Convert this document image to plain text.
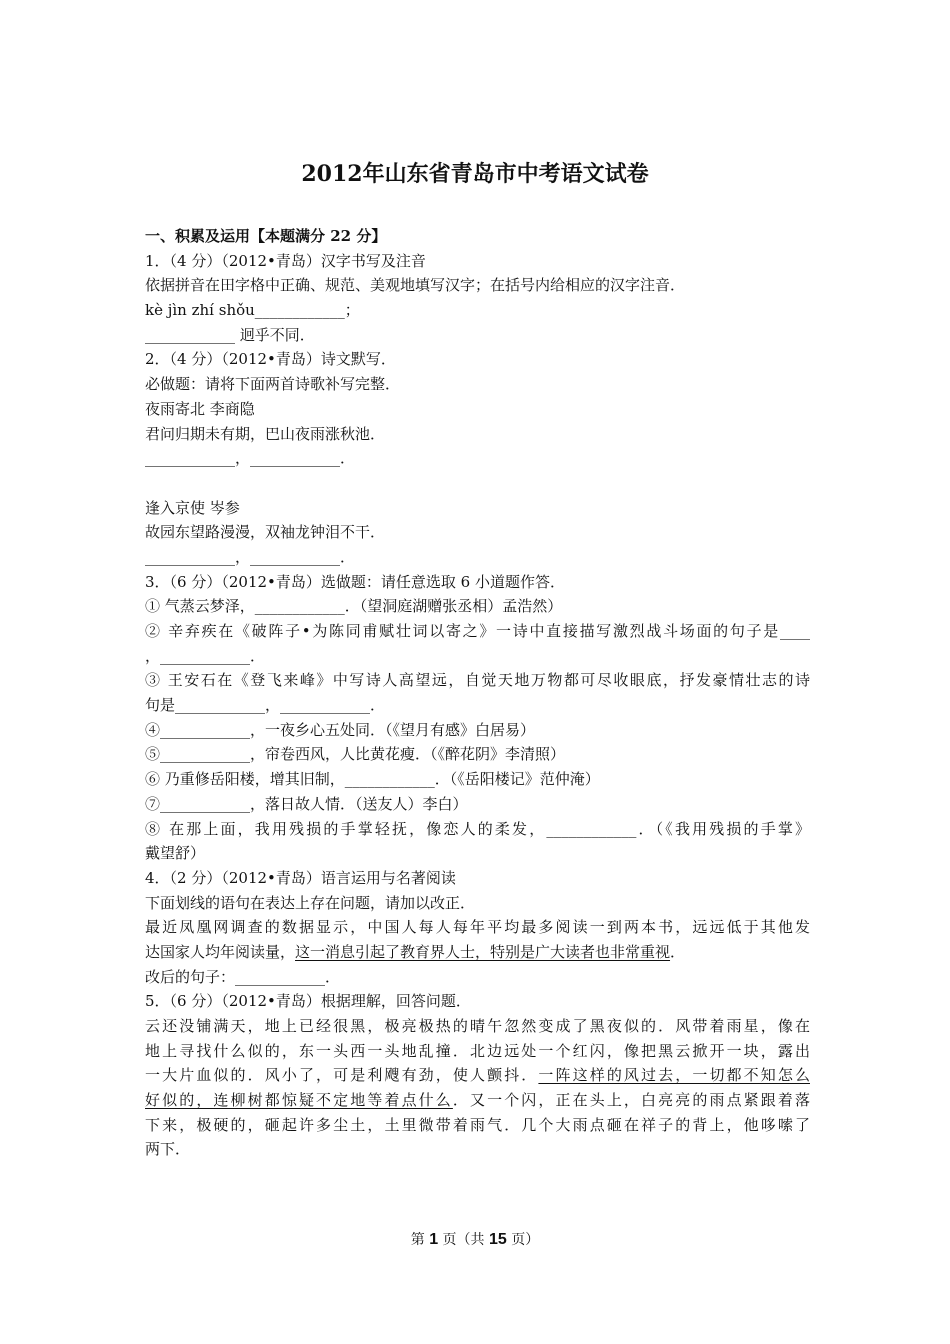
2012年山东省青岛市中考语文试卷
一、积累及运用【本题满分 22 分】
1．（4 分）（2012•青岛）汉字书写及注音
依据拼音在田字格中正确、规范、美观地填写汉字；在括号内给相应的汉字注音．
kè jìn zhí shǒu____________；
____________ 迥乎不同．
2．（4 分）（2012•青岛）诗文默写．
必做题：请将下面两首诗歌补写完整．
夜雨寄北 李商隐
君问归期未有期，巴山夜雨涨秋池．
____________，____________．
逢入京使 岑参
故园东望路漫漫，双袖龙钟泪不干．
____________，____________．
3．（6 分）（2012•青岛）选做题：请任意选取 6 小道题作答．
① 气蒸云梦泽，____________．（望洞庭湖赠张丞相）孟浩然）
② 辛弃疾在《破阵子•为陈同甫赋壮词以寄之》一诗中直接描写激烈战斗场面的句子是____
，____________．
③ 王安石在《登飞来峰》中写诗人高望远，自觉天地万物都可尽收眼底，抒发豪情壮志的诗
句是____________，____________．
④____________，一夜乡心五处同．（《望月有感》白居易）
⑤____________，帘卷西风，人比黄花瘦．（《醉花阴》李清照）
⑥ 乃重修岳阳楼，增其旧制，____________．（《岳阳楼记》范仲淹）
⑦____________，落日故人情．（送友人）李白）
⑧ 在那上面，我用残损的手掌轻抚，像恋人的柔发，____________．（《我用残损的手掌》
戴望舒）
4．（2 分）（2012•青岛）语言运用与名著阅读
下面划线的语句在表达上存在问题，请加以改正．
最近凤凰网调查的数据显示，中国人每人每年平均最多阅读一到两本书，远远低于其他发
达国家人均年阅读量，这一消息引起了教育界人士，特别是广大读者也非常重视．
改后的句子：____________．
5．（6 分）（2012•青岛）根据理解，回答问题．
云还没铺满天，地上已经很黑，极亮极热的晴午忽然变成了黑夜似的．风带着雨星，像在
地上寻找什么似的，东一头西一头地乱撞．北边远处一个红闪，像把黑云掀开一块，露出
一大片血似的．风小了，可是利飕有劲，使人颤抖．一阵这样的风过去，一切都不知怎么
好似的，连柳树都惊疑不定地等着点什么．又一个闪，正在头上，白亮亮的雨点紧跟着落
下来，极硬的，砸起许多尘土，土里微带着雨气．几个大雨点砸在祥子的背上，他哆嗦了
两下．
第 1 页（共 15 页）
